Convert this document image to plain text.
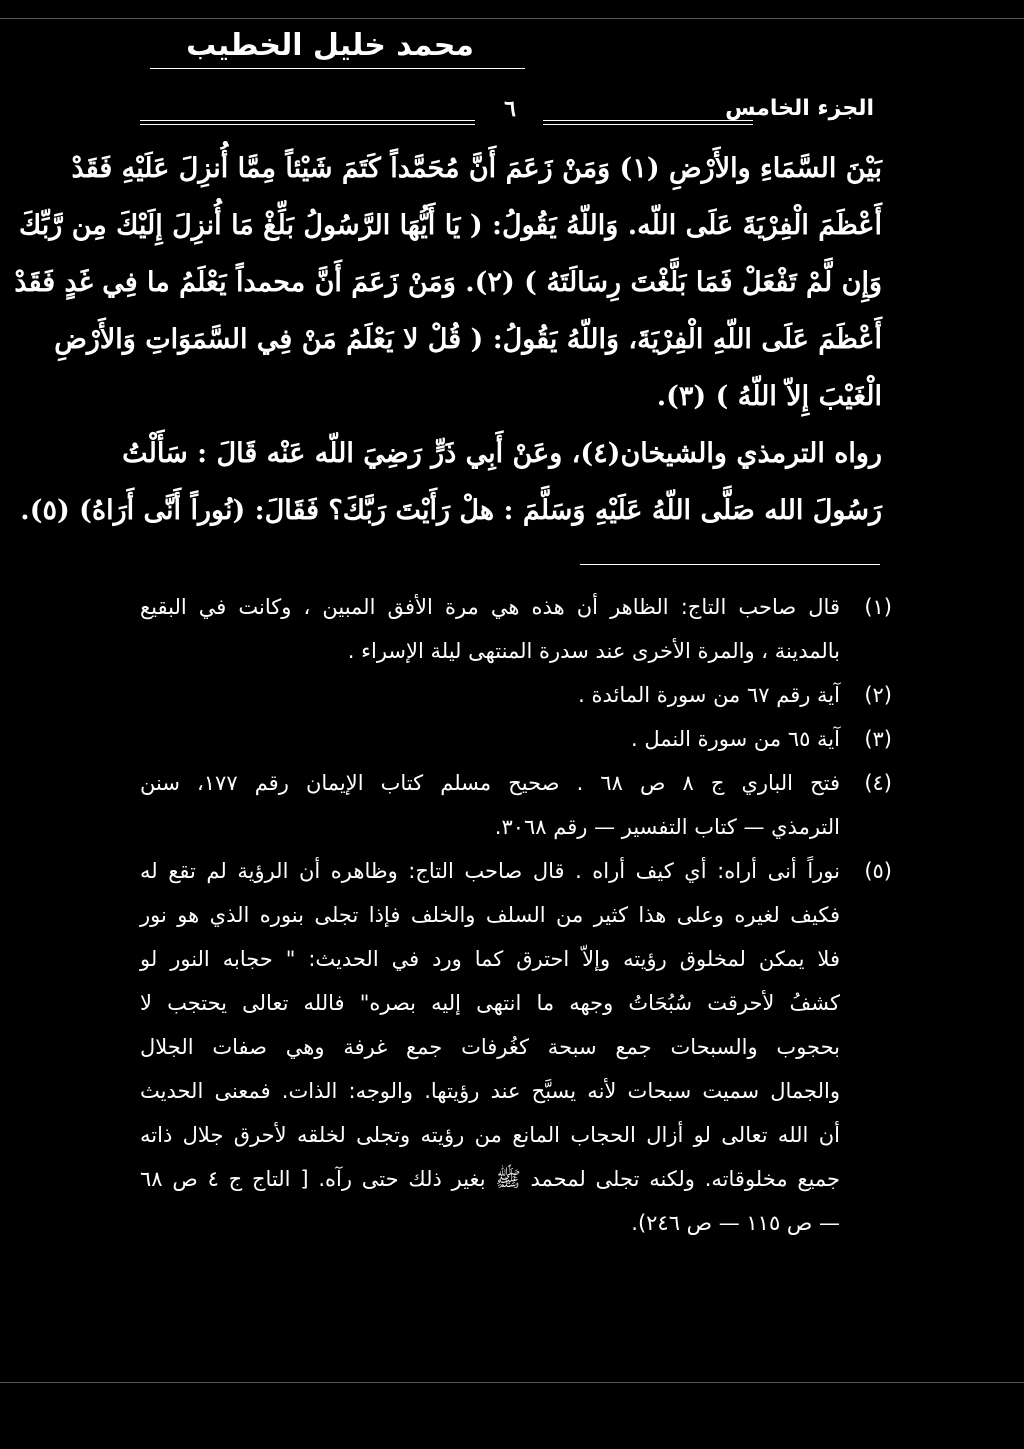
محمد خليل الخطيب
الجزء الخامس
٦
بَيْنَ السَّمَاءِ والأَرْضِ (١) وَمَنْ زَعَمَ أَنَّ مُحَمَّداً كَتَمَ شَيْئاً مِمَّا أُنزِلَ عَلَيْهِ فَقَدْ
أَعْظَمَ الْفِرْيَةَ عَلَى اللّه. وَاللّهُ يَقُولُ: ( يَا أَيُّهَا الرَّسُولُ بَلِّغْ مَا أُنزِلَ إِلَيْكَ مِن رَّبِّكَ
وَإِن لَّمْ تَفْعَلْ فَمَا بَلَّغْتَ رِسَالَتَهُ ) (٢). وَمَنْ زَعَمَ أَنَّ محمداً يَعْلَمُ ما فِي غَدٍ فَقَدْ
أَعْظَمَ عَلَى اللّهِ الْفِرْيَةَ، وَاللّهُ يَقُولُ: ( قُلْ لا يَعْلَمُ مَنْ فِي السَّمَوَاتِ وَالأَرْضِ
الْغَيْبَ إِلاّ اللّهُ ) (٣).
رواه الترمذي والشيخان(٤)، وعَنْ أَبِي ذَرٍّ رَضِيَ اللّه عَنْه قَالَ : سَأَلْتُ
رَسُولَ الله صَلَّى اللّهُ عَلَيْهِ وَسَلَّمَ : هلْ رَأَيْتَ رَبَّكَ؟ فَقَالَ: (نُوراً أَنَّى أَرَاهُ) (٥).
(١)
قال صاحب التاج: الظاهر أن هذه هي مرة الأفق المبين ، وكانت في البقيع
بالمدينة ، والمرة الأخرى عند سدرة المنتهى ليلة الإسراء .
(٢)
آية رقم ٦٧ من سورة المائدة .
(٣)
آية ٦٥ من سورة النمل .
(٤)
فتح الباري ج ٨ ص ٦٨ . صحيح مسلم كتاب الإيمان رقم ١٧٧، سنن
الترمذي — كتاب التفسير — رقم ٣٠٦٨.
(٥)
نوراً أنى أراه: أي كيف أراه . قال صاحب التاج: وظاهره أن الرؤية لم تقع له
فكيف لغيره وعلى هذا كثير من السلف والخلف فإذا تجلى بنوره الذي هو نور
فلا يمكن لمخلوق رؤيته وإلاّ احترق كما ورد في الحديث: " حجابه النور لو
كشفُ لأحرقت سُبُحَاتُ وجهه ما انتهى إليه بصره" فالله تعالى يحتجب لا
بحجوب والسبحات جمع سبحة كغُرفات جمع غرفة وهي صفات الجلال
والجمال سميت سبحات لأنه يسبَّح عند رؤيتها. والوجه: الذات. فمعنى الحديث
أن الله تعالى لو أزال الحجاب المانع من رؤيته وتجلى لخلقه لأحرق جلال ذاته
جميع مخلوقاته. ولكنه تجلى لمحمد ﷺ بغير ذلك حتى رآه. [ التاج ج ٤ ص ٦٨
— ص ١١٥ — ص ٢٤٦).
